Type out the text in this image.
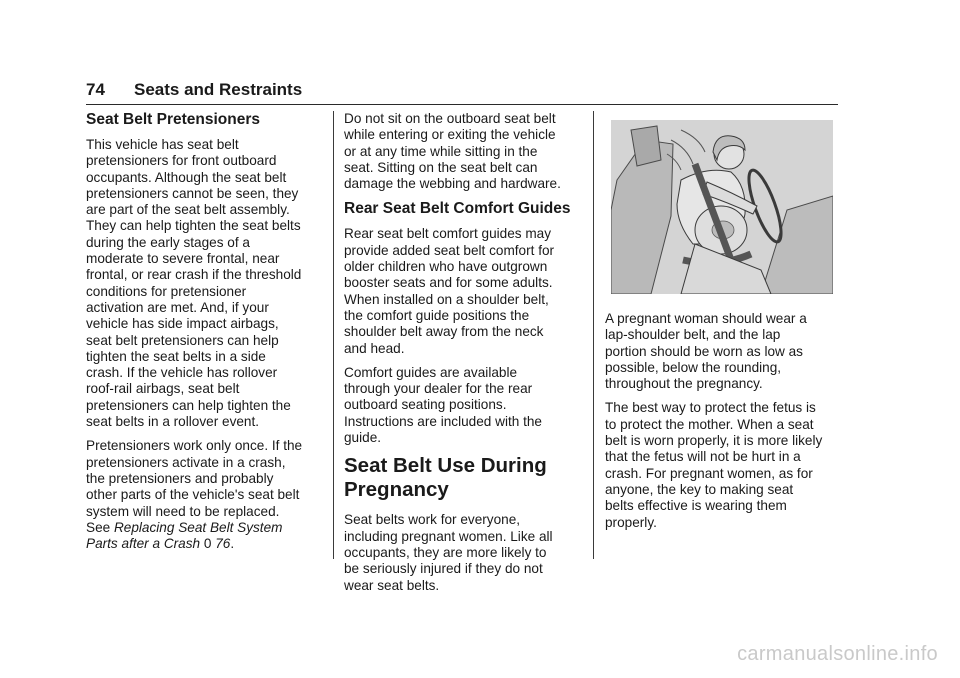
74 Seats and Restraints
Seat Belt Pretensioners

This vehicle has seat belt
pretensioners for front outboard
occupants. Although the seat belt
pretensioners cannot be seen, they
are part of the seat belt assembly.
They can help tighten the seat belts
during the early stages of a
moderate to severe frontal, near
frontal, or rear crash if the threshold
conditions for pretensioner
activation are met. And, if your
vehicle has side impact airbags,
seat belt pretensioners can help
tighten the seat belts in a side
crash. If the vehicle has rollover
roof-rail airbags, seat belt
pretensioners can help tighten the
seat belts in a rollover event.

Pretensioners work only once. If the
pretensioners activate in a crash,
the pretensioners and probably
other parts of the vehicle's seat belt
system will need to be replaced.
See Replacing Seat Belt System
Parts after a Crash 0 76.

Do not sit on the outboard seat belt
while entering or exiting the vehicle
or at any time while sitting in the
seat. Sitting on the seat belt can
damage the webbing and hardware.

Rear Seat Belt Comfort Guides

Rear seat belt comfort guides may
provide added seat belt comfort for
older children who have outgrown
booster seats and for some adults.
When installed on a shoulder belt,
the comfort guide positions the
shoulder belt away from the neck
and head.

Comfort guides are available
through your dealer for the rear
outboard seating positions.
Instructions are included with the
guide.

Seat Belt Use During
Pregnancy

Seat belts work for everyone,
including pregnant women. Like all
occupants, they are more likely to
be seriously injured if they do not
wear seat belts.

A pregnant woman should wear a
lap-shoulder belt, and the lap
portion should be worn as low as
possible, below the rounding,
throughout the pregnancy.

The best way to protect the fetus is
to protect the mother. When a seat
belt is worn properly, it is more likely
that the fetus will not be hurt in a
crash. For pregnant women, as for
anyone, the key to making seat
belts effective is wearing them
properly.

carmanualsonline.info
